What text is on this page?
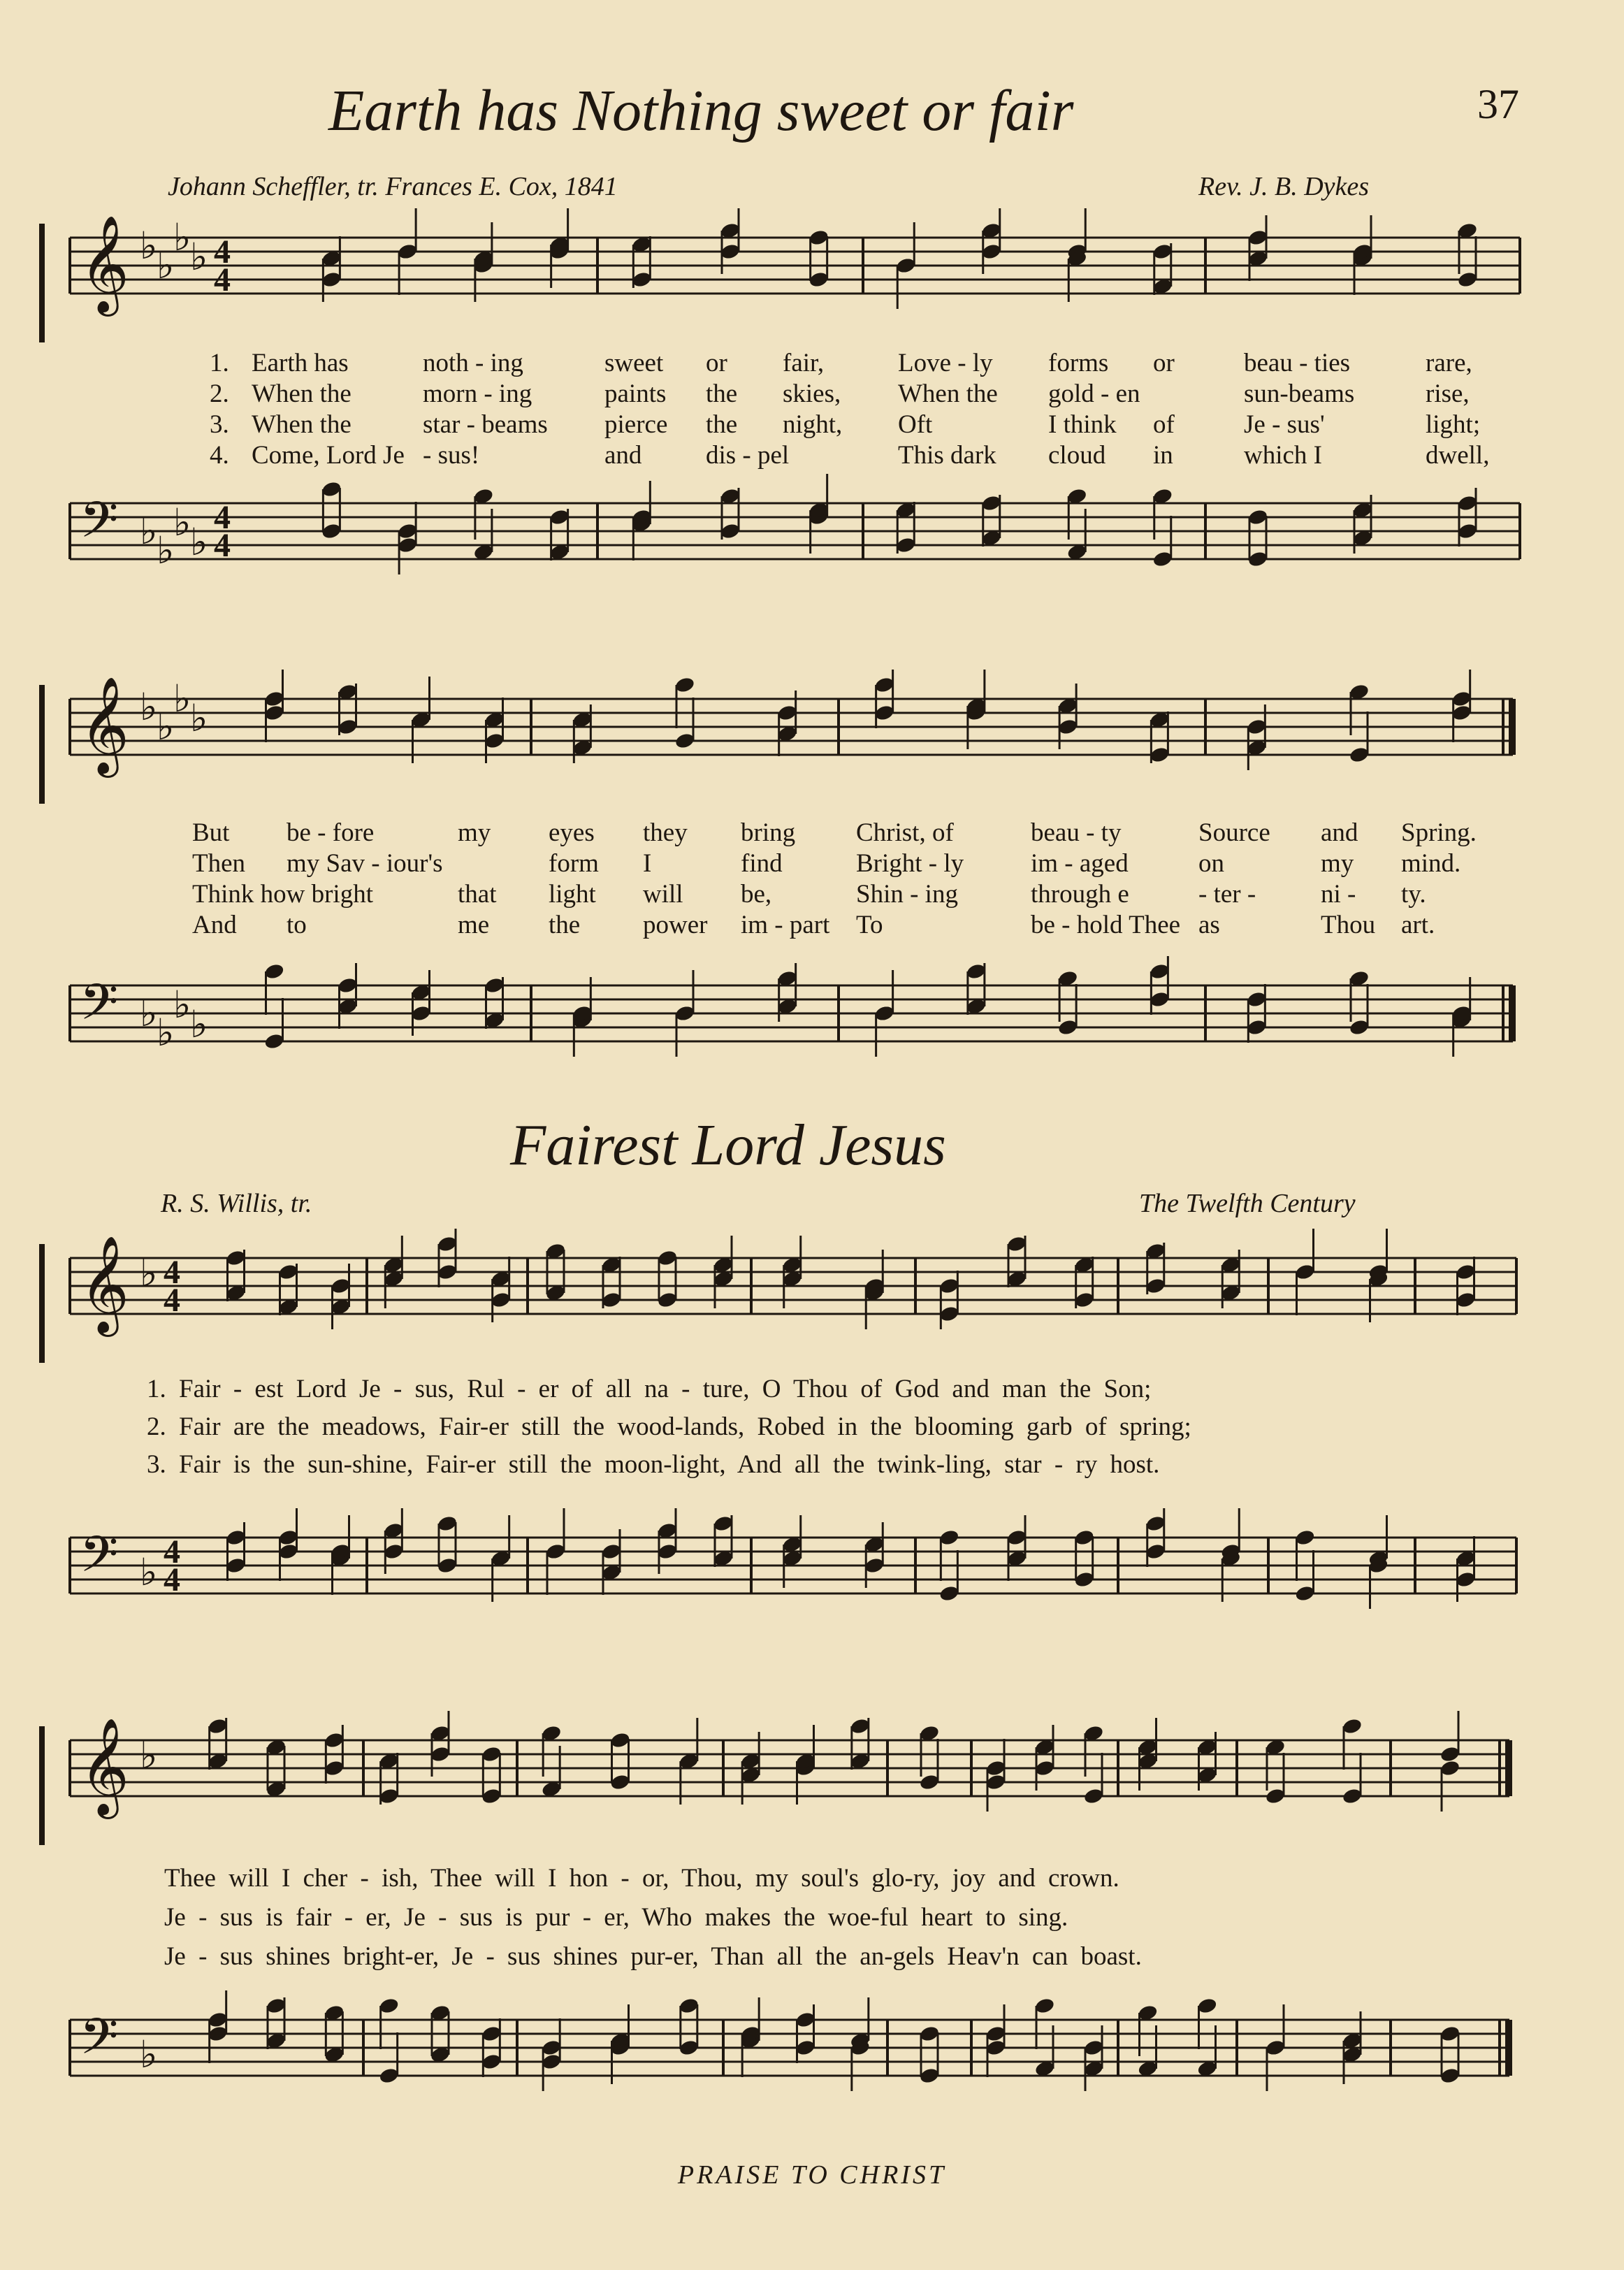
37
Earth has Nothing sweet or fair
Johann Scheffler, tr. Frances E. Cox, 1841	Rev. J. B. Dykes
Fairest Lord Jesus
R. S. Willis, tr.	The Twelfth Century
𝄞 ♭
♭
♭
♭ 4
4
𝄢 ♭
♭
♭
♭
4
4
𝄞 ♭
♭
♭
♭
𝄢 ♭
♭
♭
♭
𝄞 ♭ 4
4
𝄢 ♭ 4
4
𝄞 ♭
𝄢 ♭
1. Earth has	noth - ing	sweet or fair,	Love - ly forms or	beau - ties	rare,
2. When the	morn - ing	paints the skies, When the gold - en	sun-beams	rise,
3. When the	star - beams pierce the night, Oft	I think of	Je - sus'	light;
4. Come, Lord Je - sus!	and dis - pel	This dark cloud in	which I	dwell,
But be - fore	my eyes they bring Christ, of	beau - ty	Source and Spring.
Then my Sav - iour's	form I	find	Bright - ly	im - aged	on	my mind.
Think how bright	that light will be,	Shin - ing	through e	- ter -	ni - ty.
And to	me the power im - part To	be - hold Thee as	Thou art.
1. Fair - est Lord Je - sus, Rul - er of all na - ture, O Thou of God and man the Son;
2. Fair are the meadows, Fair-er still the wood-lands, Robed in the blooming garb of spring;
3. Fair is the sun-shine, Fair-er still the moon-light, And all the twink-ling, star - ry host.
Thee will I cher - ish, Thee will I hon - or, Thou, my soul's glo-ry, joy and crown.
Je - sus is fair - er, Je - sus is pur - er, Who makes the woe-ful heart to sing.
Je - sus shines bright-er, Je - sus shines pur-er, Than all the an-gels Heav'n can boast.
PRAISE TO CHRIST
